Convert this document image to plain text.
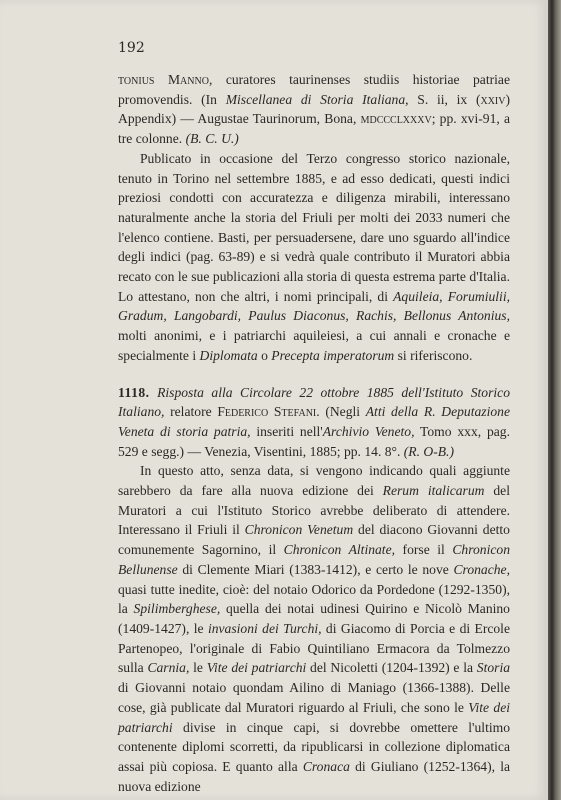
192

tonius Manno, curatores taurinenses studiis historiae patriae promovendis. (In Miscellanea di Storia Italiana, S. ii, ix (xxiv) Appendix) — Augustae Taurinorum, Bona, mdccclxxxv; pp. xvi-91, a tre colonne. (B. C. U.)

Publicato in occasione del Terzo congresso storico nazionale, tenuto in Torino nel settembre 1885, e ad esso dedicati, questi indici preziosi condotti con accuratezza e diligenza mirabili, interessano naturalmente anche la storia del Friuli per molti dei 2033 numeri che l'elenco contiene. Basti, per persuadersene, dare uno sguardo all'indice degli indici (pag. 63-89) e si vedrà quale contributo il Muratori abbia recato con le sue publicazioni alla storia di questa estrema parte d'Italia. Lo attestano, non che altri, i nomi principali, di Aquileia, Forumiulii, Gradum, Langobardi, Paulus Diaconus, Rachis, Bellonus Antonius, molti anonimi, e i patriarchi aquileiesi, a cui annali e cronache e specialmente i Diplomata o Precepta imperatorum si riferiscono.

1118. Risposta alla Circolare 22 ottobre 1885 dell'Istituto Storico Italiano, relatore Federico Stefani. (Negli Atti della R. Deputazione Veneta di storia patria, inseriti nell'Archivio Veneto, Tomo xxx, pag. 529 e segg.) — Venezia, Visentini, 1885; pp. 14. 8°. (R. O-B.)

In questo atto, senza data, si vengono indicando quali aggiunte sarebbero da fare alla nuova edizione dei Rerum italicarum del Muratori a cui l'Istituto Storico avrebbe deliberato di attendere. Interessano il Friuli il Chronicon Venetum del diacono Giovanni detto comunemente Sagornino, il Chronicon Altinate, forse il Chronicon Bellunense di Clemente Miari (1383-1412), e certo le nove Cronache, quasi tutte inedite, cioè: del notaio Odorico da Pordedone (1292-1350), la Spilimberghese, quella dei notai udinesi Quirino e Nicolò Manino (1409-1427), le invasioni dei Turchi, di Giacomo di Porcia e di Ercole Partenopeo, l'originale di Fabio Quintiliano Ermacora da Tolmezzo sulla Carnia, le Vite dei patriarchi del Nicoletti (1204-1392) e la Storia di Giovanni notaio quondam Ailino di Maniago (1366-1388). Delle cose, già publicate dal Muratori riguardo al Friuli, che sono le Vite dei patriarchi divise in cinque capi, si dovrebbe omettere l'ultimo contenente diplomi scorretti, da ripublicarsi in collezione diplomatica assai più copiosa. E quanto alla Cronaca di Giuliano (1252-1364), la nuova edizione
